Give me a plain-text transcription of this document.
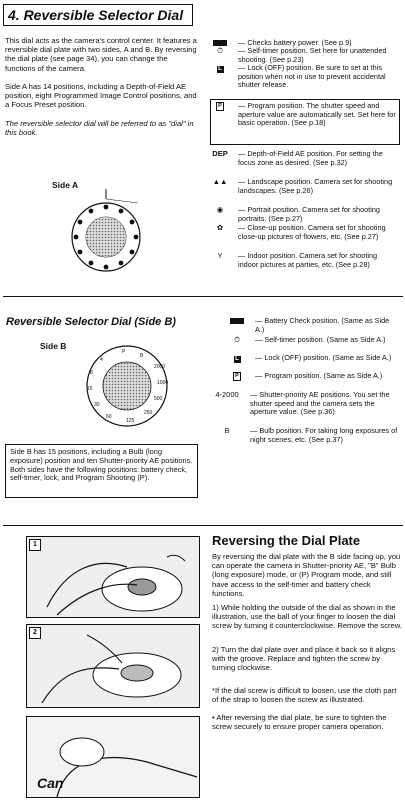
4. Reversible Selector Dial

This dial acts as the camera's control center. It features a reversible dial plate with two sides, A and B. By reversing the dial plate (see page 34), you can change the functions of the camera.

Side A has 14 positions, including a Depth-of-Field AE position, eight Programmed Image Control positions, and a Focus Preset position.

The reversible selector dial will be referred to as "dial" in this book.

Side A
— Checks battery power. (See p.9)
⏱	— Self-timer position. Set here for unattended shooting. (See p.23)
L	— Lock (OFF) position. Be sure to set at this position when not in use to prevent accidental shutter release.
P	— Program position. The shutter speed and aperture value are automatically set. Set here for basic operation. (See p.18)
DEP	— Depth-of-Field AE position. For setting the focus zone as desired. (See p.32)
▲▲	— Landscape position. Camera set for shooting landscapes. (See p.26)
◉	— Portrait position. Camera set for shooting portraits. (See p.27)
✿	— Close-up position. Camera set for shooting close-up pictures of flowers, etc. (See p.27)
Y	— Indoor position. Camera set for shooting indoor pictures at parties, etc. (See p.28)
Reversible Selector Dial (Side B)
Side B
P
B
2000
1000
500
250
125
60
30
15
8
4
— Battery Check position. (Same as Side A.)
⏱	— Self-timer position. (Same as Side A.)
L	— Lock (OFF) position. (Same as Side A.)
P	— Program position. (Same as Side A.)
4-2000	— Shutter-priority AE positions. You set the shutter speed and the camera sets the aperture value. (See p.36)
B	— Bulb position. For taking long exposures of night scenes, etc. (See p.37)

Side B has 15 positions, including a Bulb (long exposure) position and ten Shutter-priority AE positions. Both sides have the following positions: battery check, self-timer, lock, and Program Shooting (P).

1
2
Can
Reversing the Dial Plate

By reversing the dial plate with the B side facing up, you can operate the camera in Shutter-priority AE, "B" Bulb (long exposure) mode, or (P) Program mode, and still have access to the self-timer and battery check functions.

1) While holding the outside of the dial as shown in the illustration, use the ball of your finger to loosen the dial screw by turning it counterclockwise. Remove the screw.

2) Turn the dial plate over and place it back so it aligns with the groove. Replace and tighten the screw by turning clockwise.

*If the dial screw is difficult to loosen, use the cloth part of the strap to loosen the screw as illustrated.

• After reversing the dial plate, be sure to tighten the screw securely to ensure proper camera operation.
